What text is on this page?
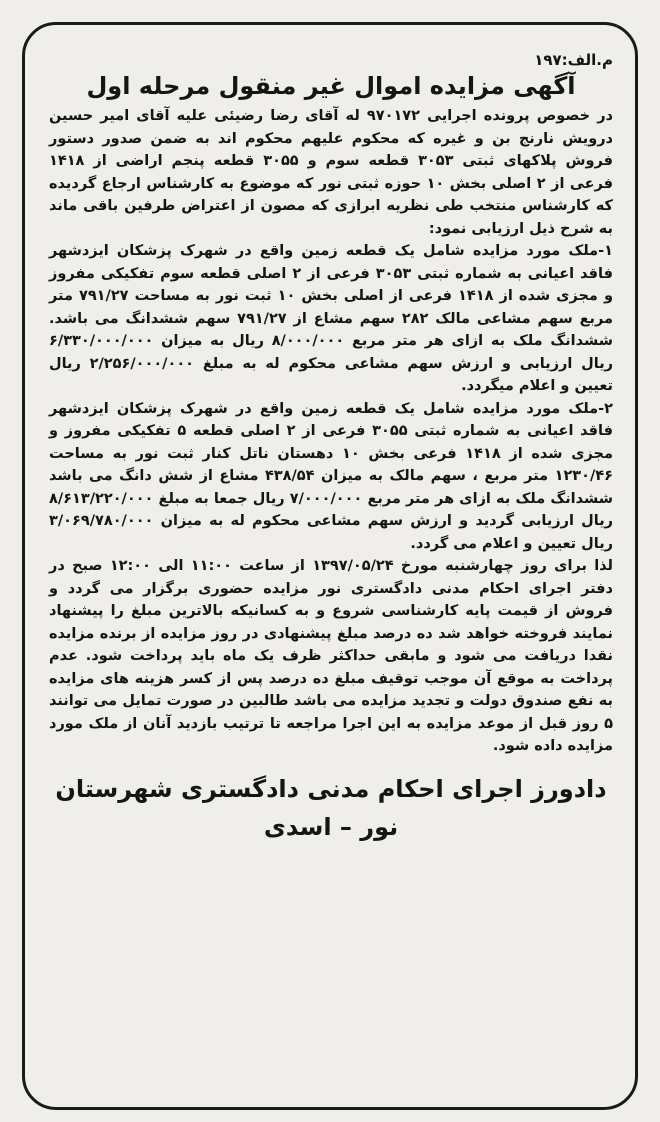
م.الف:۱۹۷
آگهی مزایده اموال غیر منقول مرحله اول

در خصوص پرونده اجرایی ۹۷۰۱۷۲ له آقای رضا رضیئی علیه آقای امیر حسین درویش نارنج بن و غیره که محکوم علیهم محکوم اند به ضمن صدور دستور فروش پلاکهای ثبتی ۳۰۵۳ قطعه سوم و ۳۰۵۵ قطعه پنجم اراضی از ۱۴۱۸ فرعی از ۲ اصلی بخش ۱۰ حوزه ثبتی نور که موضوع به کارشناس ارجاع گردیده که کارشناس منتخب طی نظریه ابرازی که مصون از اعتراض طرفین باقی ماند به شرح ذیل ارزیابی نمود:

۱-ملک مورد مزایده شامل یک قطعه زمین واقع در شهرک پزشکان ایزدشهر فاقد اعیانی به شماره ثبتی ۳۰۵۳ فرعی از ۲ اصلی قطعه سوم تفکیکی مفروز و مجزی شده از ۱۴۱۸ فرعی از اصلی بخش ۱۰ ثبت نور به مساحت ۷۹۱/۲۷ متر مربع سهم مشاعی مالک ۲۸۲ سهم مشاع از ۷۹۱/۲۷ سهم ششدانگ می باشد. ششدانگ ملک به ازای هر متر مربع ۸/۰۰۰/۰۰۰ ریال به میزان ۶/۳۳۰/۰۰۰/۰۰۰ ریال ارزیابی و ارزش سهم مشاعی محکوم له به مبلغ ۲/۲۵۶/۰۰۰/۰۰۰ ریال تعیین و اعلام میگردد.

۲-ملک مورد مزایده شامل یک قطعه زمین واقع در شهرک پزشکان ایزدشهر فاقد اعیانی به شماره ثبتی ۳۰۵۵ فرعی از ۲ اصلی قطعه ۵ تفکیکی مفروز و مجزی شده از ۱۴۱۸ فرعی بخش ۱۰ دهستان ناتل کنار ثبت نور به مساحت ۱۲۳۰/۴۶ متر مربع ، سهم مالک به میزان ۴۳۸/۵۴ مشاع از شش دانگ می باشد ششدانگ ملک به ازای هر متر مربع ۷/۰۰۰/۰۰۰ ریال جمعا به مبلغ ۸/۶۱۳/۲۲۰/۰۰۰ ریال ارزیابی گردید و ارزش سهم مشاعی محکوم له به میزان ۳/۰۶۹/۷۸۰/۰۰۰ ریال تعیین و اعلام می گردد.

لذا برای روز چهارشنبه مورخ ۱۳۹۷/۰۵/۲۴ از ساعت ۱۱:۰۰ الی ۱۲:۰۰ صبح در دفتر اجرای احکام مدنی دادگستری نور مزایده حضوری برگزار می گردد و فروش از قیمت پایه کارشناسی شروع و به کسانیکه بالاترین مبلغ را پیشنهاد نمایند فروخته خواهد شد ده درصد مبلغ پیشنهادی در روز مزایده از برنده مزایده نقدا دریافت می شود و مابقی حداکثر ظرف یک ماه باید پرداخت شود. عدم پرداخت به موقع آن موجب توقیف مبلغ ده درصد پس از کسر هزینه های مزایده به نفع صندوق دولت و تجدید مزایده می باشد طالبین در صورت تمایل می توانند ۵ روز قبل از موعد مزایده به این اجرا مراجعه تا ترتیب بازدید آنان از ملک مورد مزایده داده شود.

دادورز اجرای احکام مدنی دادگستری شهرستان
نور – اسدی
